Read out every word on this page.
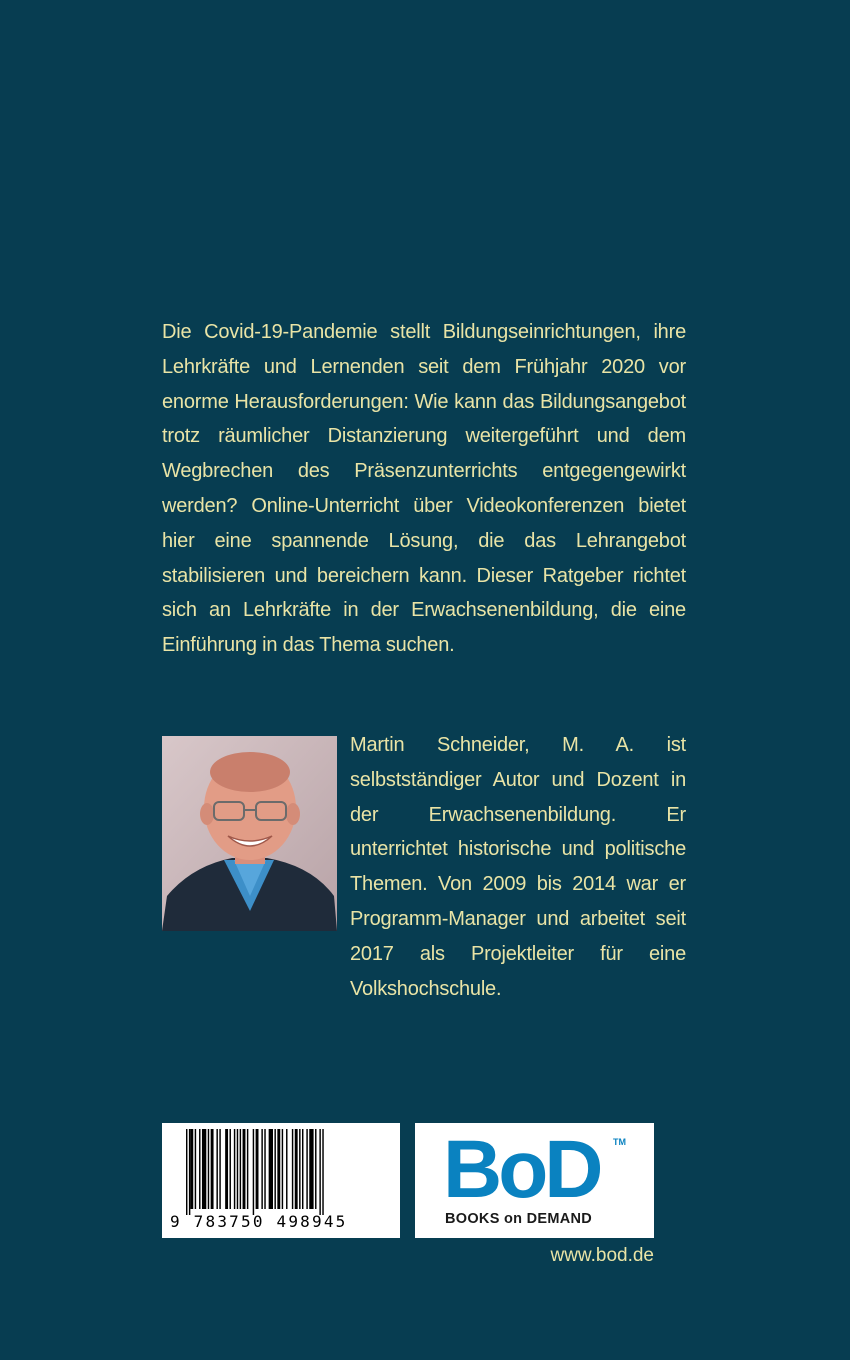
Die Covid-19-Pandemie stellt Bildungseinrichtungen, ihre Lehrkräfte und Lernenden seit dem Frühjahr 2020 vor enorme Herausforderungen: Wie kann das Bildungsangebot trotz räumlicher Distanzierung weitergeführt und dem Wegbrechen des Präsenzunterrichts entgegengewirkt werden? Online-Unterricht über Videokonferenzen bietet hier eine spannende Lösung, die das Lehrangebot stabilisieren und bereichern kann. Dieser Ratgeber richtet sich an Lehrkräfte in der Erwachsenenbildung, die eine Einführung in das Thema suchen.
Martin Schneider, M. A. ist selbstständiger Autor und Dozent in der Erwachsenenbildung. Er unterrichtet historische und politische Themen. Von 2009 bis 2014 war er Programm-Manager und arbeitet seit 2017 als Projektleiter für eine Volkshochschule.
9 783750 498945
BoD TM
BOOKS on DEMAND
www.bod.de
